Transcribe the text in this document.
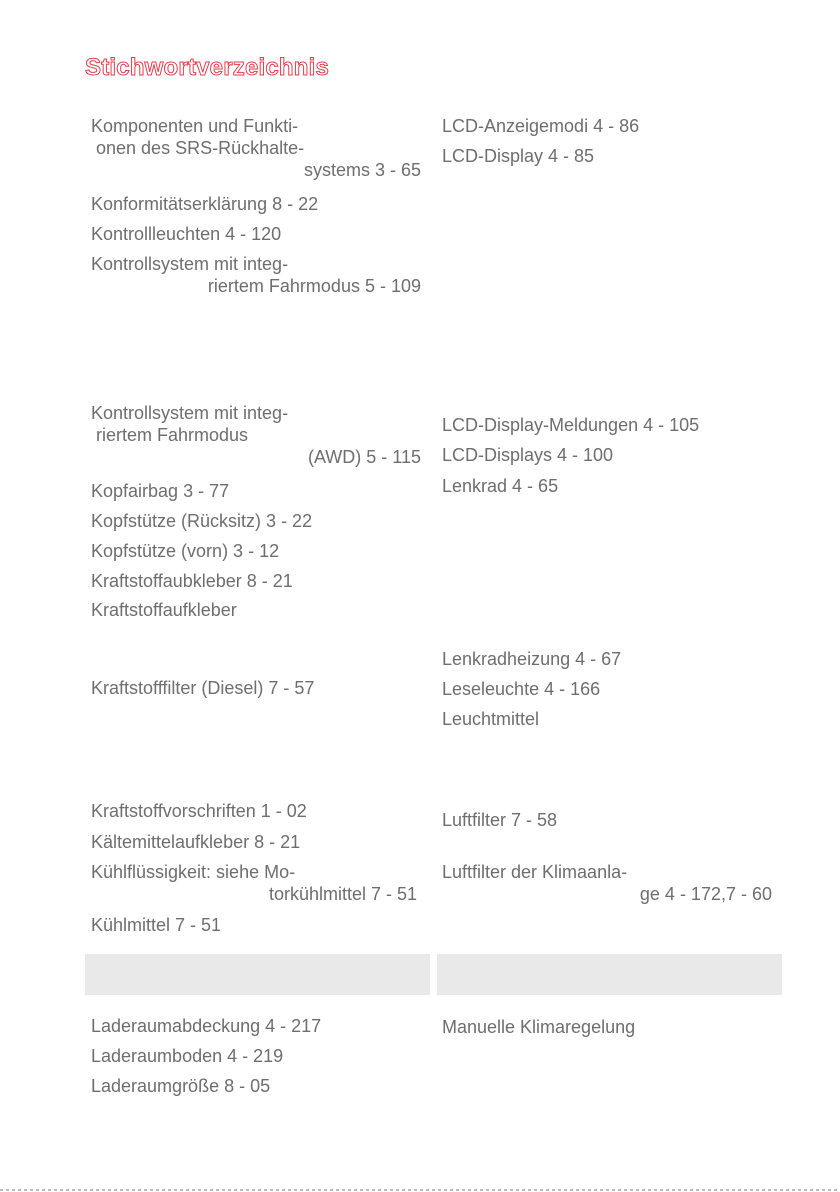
Stichwortverzeichnis
Komponenten und Funkti-
onen des SRS-Rückhalte-
systems 3 - 65
Konformitätserklärung 8 - 22
Kontrollleuchten 4 - 120
Kontrollsystem mit integ-
riertem Fahrmodus 5 - 109
Kontrollsystem mit integ-
riertem Fahrmodus
(AWD) 5 - 115
Kopfairbag 3 - 77
Kopfstütze (Rücksitz) 3 - 22
Kopfstütze (vorn) 3 - 12
Kraftstoffaubkleber 8 - 21
Kraftstoffaufkleber
Kraftstofffilter (Diesel) 7 - 57
Kraftstoffvorschriften 1 - 02
Kältemittelaufkleber 8 - 21
Kühlflüssigkeit: siehe Mo-
torkühlmittel 7 - 51
Kühlmittel 7 - 51
Laderaumabdeckung 4 - 217
Laderaumboden 4 - 219
Laderaumgröße 8 - 05
LCD-Anzeigemodi 4 - 86
LCD-Display 4 - 85
LCD-Display-Meldungen 4 - 105
LCD-Displays 4 - 100
Lenkrad 4 - 65
Lenkradheizung 4 - 67
Leseleuchte 4 - 166
Leuchtmittel
Luftfilter 7 - 58
Luftfilter der Klimaanla-
ge 4 - 172,7 - 60
Manuelle Klimaregelung
